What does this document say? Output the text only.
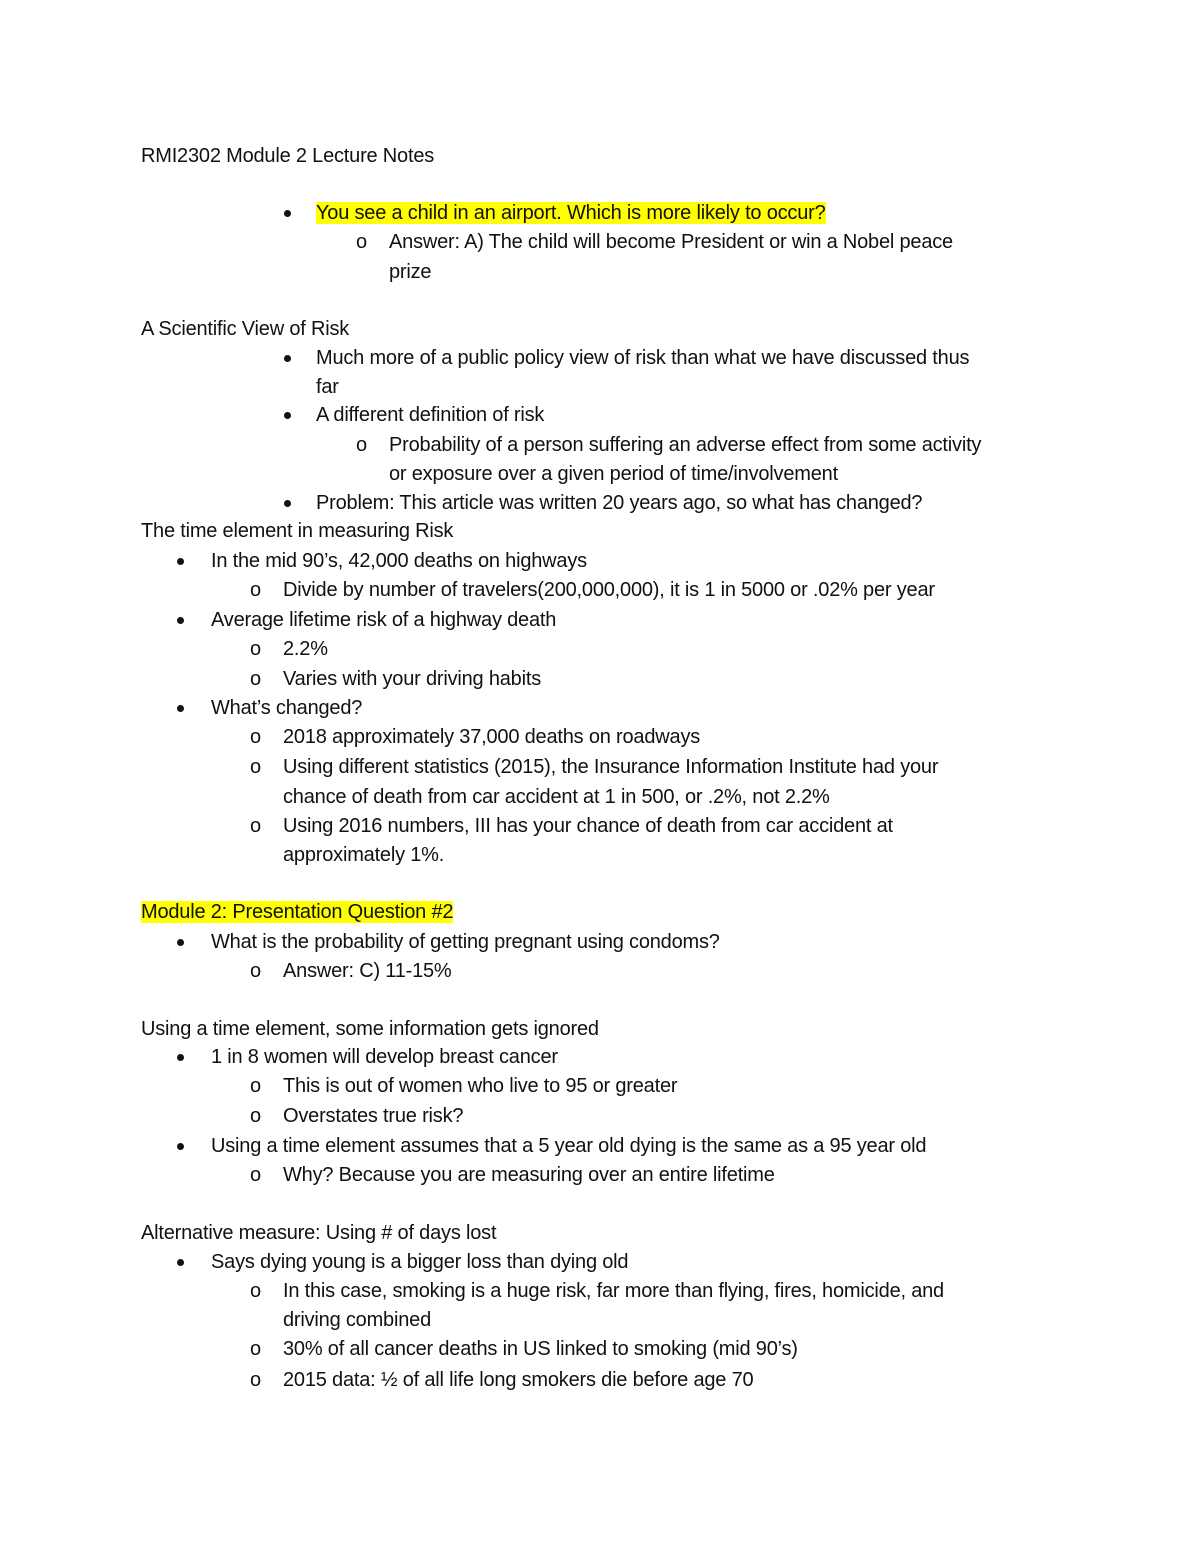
RMI2302 Module 2 Lecture Notes
You see a child in an airport. Which is more likely to occur?
o Answer: A) The child will become President or win a Nobel peace
prize
A Scientific View of Risk
Much more of a public policy view of risk than what we have discussed thus
far
A different definition of risk
o Probability of a person suffering an adverse effect from some activity
or exposure over a given period of time/involvement
Problem: This article was written 20 years ago, so what has changed?
The time element in measuring Risk
In the mid 90’s, 42,000 deaths on highways
o Divide by number of travelers(200,000,000), it is 1 in 5000 or .02% per year
Average lifetime risk of a highway death
o 2.2%
o Varies with your driving habits
What’s changed?
o 2018 approximately 37,000 deaths on roadways
o Using different statistics (2015), the Insurance Information Institute had your
chance of death from car accident at 1 in 500, or .2%, not 2.2%
o Using 2016 numbers, III has your chance of death from car accident at
approximately 1%.
Module 2: Presentation Question #2
What is the probability of getting pregnant using condoms?
o Answer: C) 11-15%
Using a time element, some information gets ignored
1 in 8 women will develop breast cancer
o This is out of women who live to 95 or greater
o Overstates true risk?
Using a time element assumes that a 5 year old dying is the same as a 95 year old
o Why? Because you are measuring over an entire lifetime
Alternative measure: Using # of days lost
Says dying young is a bigger loss than dying old
o In this case, smoking is a huge risk, far more than flying, fires, homicide, and
driving combined
o 30% of all cancer deaths in US linked to smoking (mid 90’s)
o 2015 data: ½ of all life long smokers die before age 70
